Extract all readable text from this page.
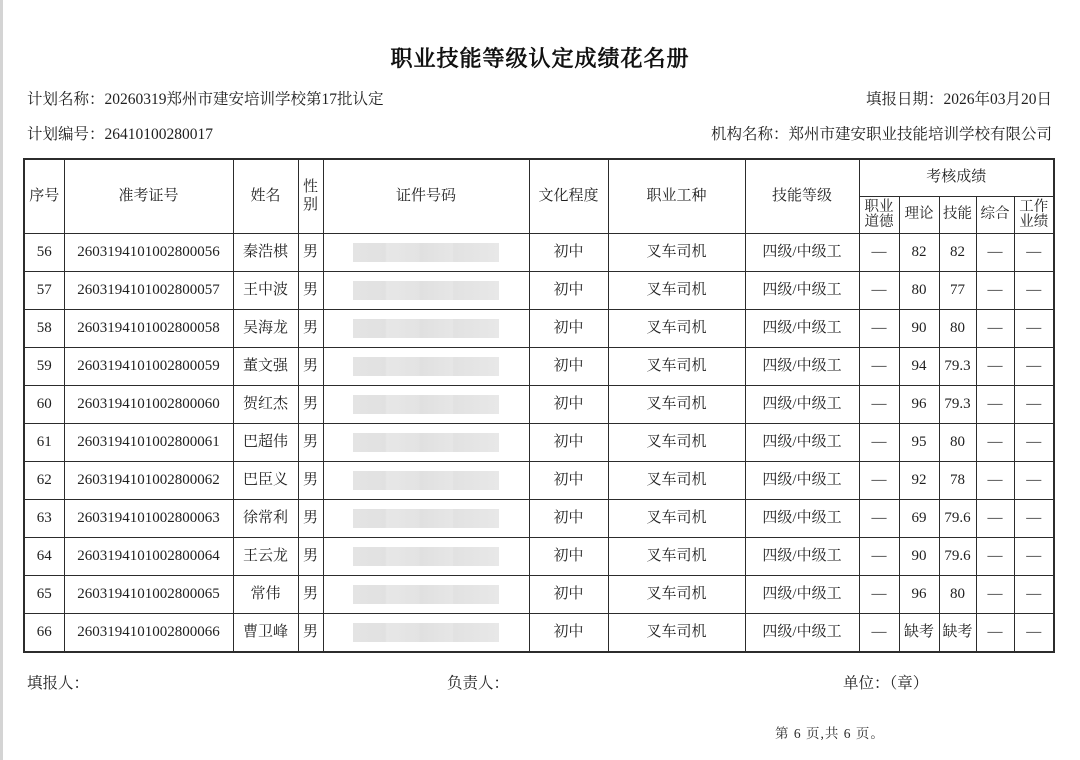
职业技能等级认定成绩花名册
计划名称：20260319郑州市建安培训学校第17批认定	填报日期：2026年03月20日
计划编号：26410100280017	机构名称：郑州市建安职业技能培训学校有限公司
序号	准考证号	姓名	性别	证件号码	文化程度	职业工种	技能等级	考核成绩				
								职业道德	理论	技能	综合	工作业绩
56	2603194101002800056	秦浩棋	男		初中	叉车司机	四级/中级工	—	82	82	—	—
57	2603194101002800057	王中波	男		初中	叉车司机	四级/中级工	—	80	77	—	—
58	2603194101002800058	吴海龙	男		初中	叉车司机	四级/中级工	—	90	80	—	—
59	2603194101002800059	董文强	男		初中	叉车司机	四级/中级工	—	94	79.3	—	—
60	2603194101002800060	贺红杰	男		初中	叉车司机	四级/中级工	—	96	79.3	—	—
61	2603194101002800061	巴超伟	男		初中	叉车司机	四级/中级工	—	95	80	—	—
62	2603194101002800062	巴臣义	男		初中	叉车司机	四级/中级工	—	92	78	—	—
63	2603194101002800063	徐常利	男		初中	叉车司机	四级/中级工	—	69	79.6	—	—
64	2603194101002800064	王云龙	男		初中	叉车司机	四级/中级工	—	90	79.6	—	—
65	2603194101002800065	常伟	男		初中	叉车司机	四级/中级工	—	96	80	—	—
66	2603194101002800066	曹卫峰	男		初中	叉车司机	四级/中级工	—	缺考	缺考	—	—
填报人：	负责人：	单位：（章）
第 6 页,共 6 页。
